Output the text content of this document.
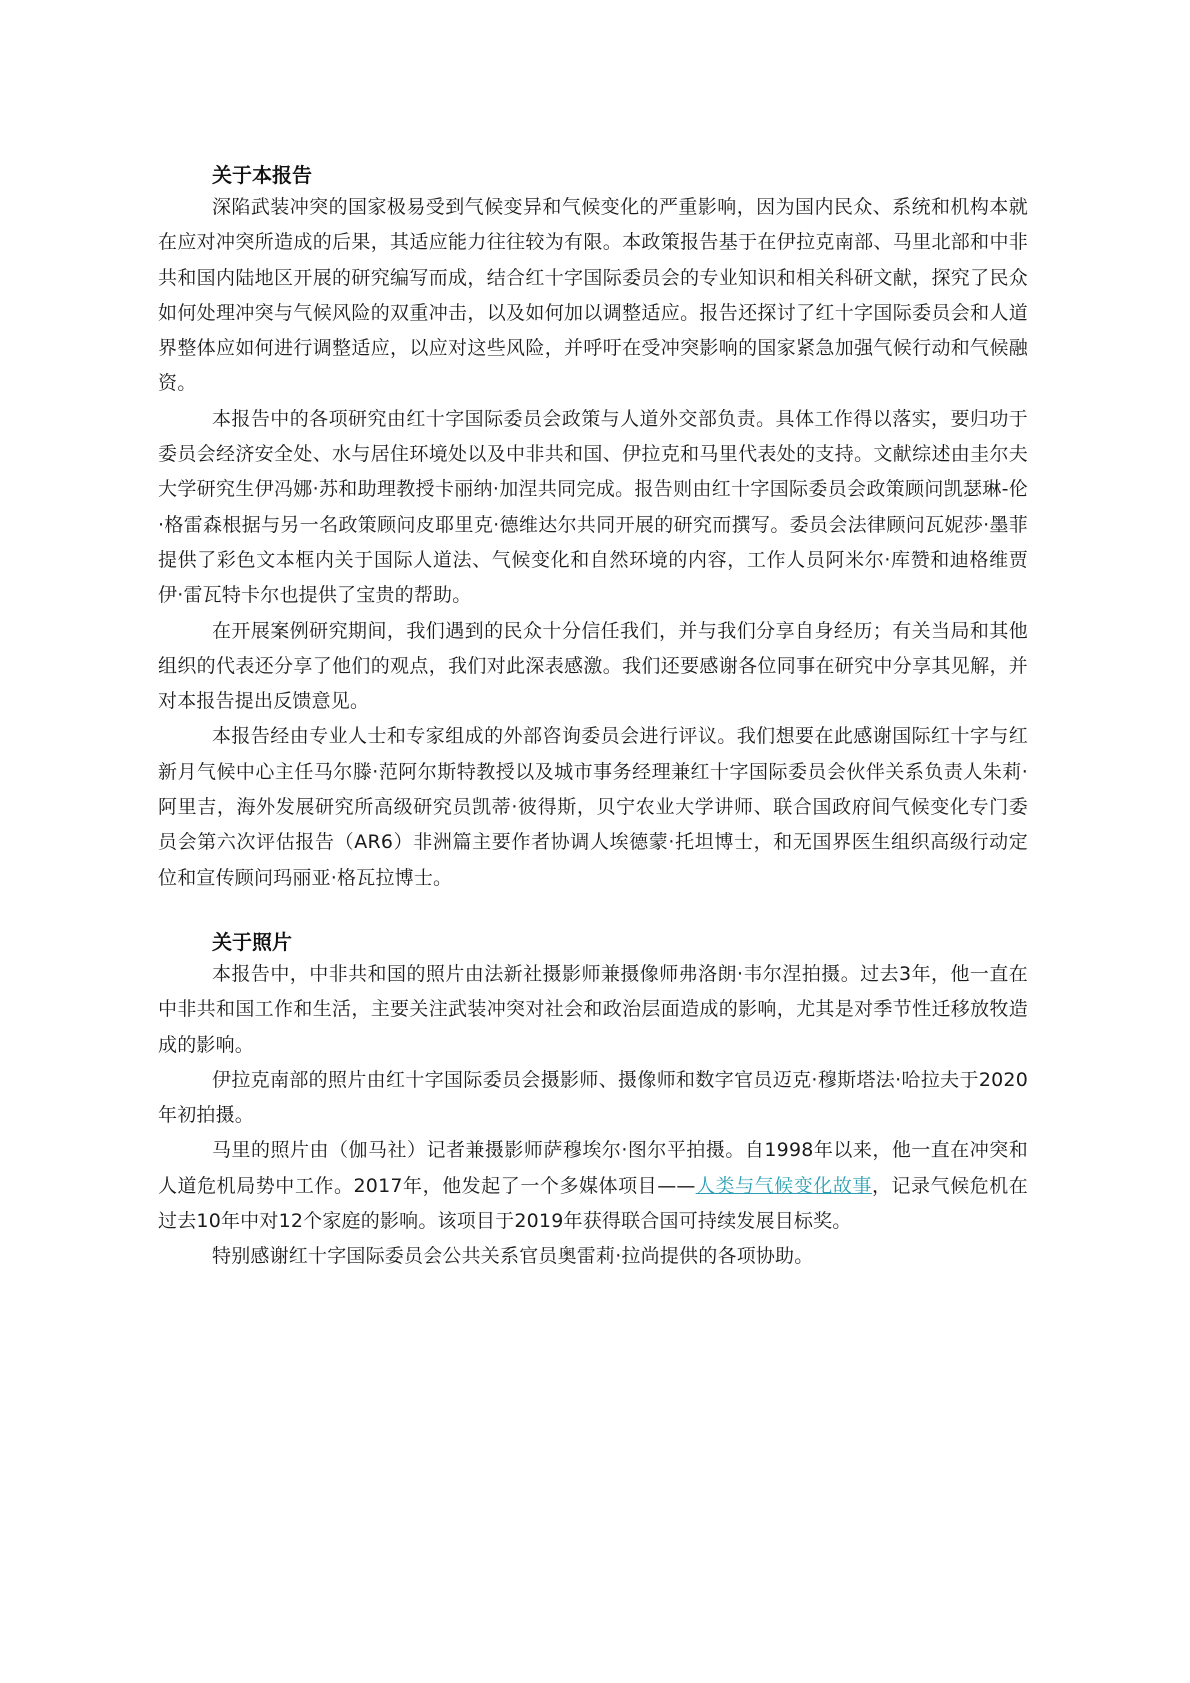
关于本报告

深陷武装冲突的国家极易受到气候变异和气候变化的严重影响，因为国内民众、系统和机构本就在应对冲突所造成的后果，其适应能力往往较为有限。本政策报告基于在伊拉克南部、马里北部和中非共和国内陆地区开展的研究编写而成，结合红十字国际委员会的专业知识和相关科研文献，探究了民众如何处理冲突与气候风险的双重冲击，以及如何加以调整适应。报告还探讨了红十字国际委员会和人道界整体应如何进行调整适应，以应对这些风险，并呼吁在受冲突影响的国家紧急加强气候行动和气候融资。

本报告中的各项研究由红十字国际委员会政策与人道外交部负责。具体工作得以落实，要归功于委员会经济安全处、水与居住环境处以及中非共和国、伊拉克和马里代表处的支持。文献综述由圭尔夫大学研究生伊冯娜·苏和助理教授卡丽纳·加涅共同完成。报告则由红十字国际委员会政策顾问凯瑟琳-伦·格雷森根据与另一名政策顾问皮耶里克·德维达尔共同开展的研究而撰写。委员会法律顾问瓦妮莎·墨菲提供了彩色文本框内关于国际人道法、气候变化和自然环境的内容，工作人员阿米尔·库赞和迪格维贾伊·雷瓦特卡尔也提供了宝贵的帮助。

在开展案例研究期间，我们遇到的民众十分信任我们，并与我们分享自身经历；有关当局和其他组织的代表还分享了他们的观点，我们对此深表感激。我们还要感谢各位同事在研究中分享其见解，并对本报告提出反馈意见。

本报告经由专业人士和专家组成的外部咨询委员会进行评议。我们想要在此感谢国际红十字与红新月气候中心主任马尔滕·范阿尔斯特教授以及城市事务经理兼红十字国际委员会伙伴关系负责人朱莉·阿里吉，海外发展研究所高级研究员凯蒂·彼得斯，贝宁农业大学讲师、联合国政府间气候变化专门委员会第六次评估报告（AR6）非洲篇主要作者协调人埃德蒙·托坦博士，和无国界医生组织高级行动定位和宣传顾问玛丽亚·格瓦拉博士。

关于照片

本报告中，中非共和国的照片由法新社摄影师兼摄像师弗洛朗·韦尔涅拍摄。过去3年，他一直在中非共和国工作和生活，主要关注武装冲突对社会和政治层面造成的影响，尤其是对季节性迁移放牧造成的影响。

伊拉克南部的照片由红十字国际委员会摄影师、摄像师和数字官员迈克·穆斯塔法·哈拉夫于2020年初拍摄。

马里的照片由（伽马社）记者兼摄影师萨穆埃尔·图尔平拍摄。自1998年以来，他一直在冲突和人道危机局势中工作。2017年，他发起了一个多媒体项目——人类与气候变化故事，记录气候危机在过去10年中对12个家庭的影响。该项目于2019年获得联合国可持续发展目标奖。

特别感谢红十字国际委员会公共关系官员奥雷莉·拉尚提供的各项协助。
